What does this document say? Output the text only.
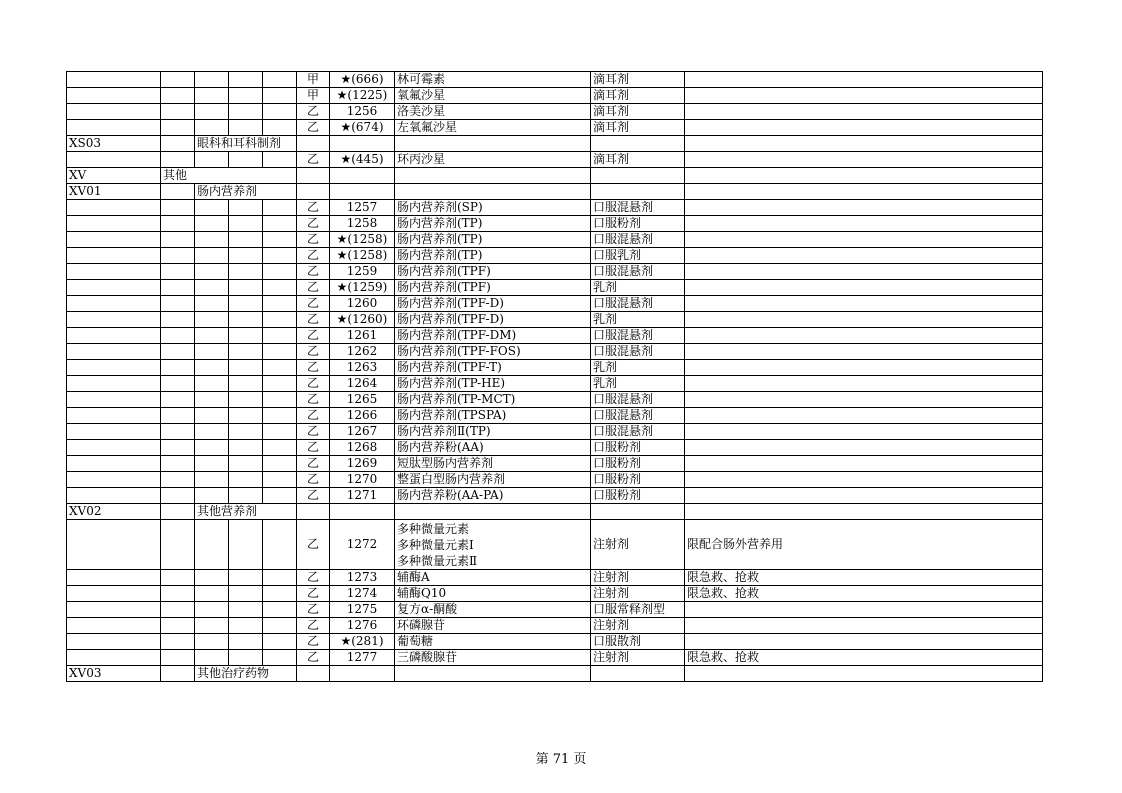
					甲	★(666)	林可霉素	滴耳剂		
					甲	★(1225)	氧氟沙星	滴耳剂		
					乙	1256	洛美沙星	滴耳剂		
					乙	★(674)	左氧氟沙星	滴耳剂		
XS03		眼科和耳科制剂								
					乙	★(445)	环丙沙星	滴耳剂		
XV	其他									
XV01		肠内营养剂								
					乙	1257	肠内营养剂(SP)	口服混悬剂		
					乙	1258	肠内营养剂(TP)	口服粉剂		
					乙	★(1258)	肠内营养剂(TP)	口服混悬剂		
					乙	★(1258)	肠内营养剂(TP)	口服乳剂		
					乙	1259	肠内营养剂(TPF)	口服混悬剂		
					乙	★(1259)	肠内营养剂(TPF)	乳剂		
					乙	1260	肠内营养剂(TPF-D)	口服混悬剂		
					乙	★(1260)	肠内营养剂(TPF-D)	乳剂		
					乙	1261	肠内营养剂(TPF-DM)	口服混悬剂		
					乙	1262	肠内营养剂(TPF-FOS)	口服混悬剂		
					乙	1263	肠内营养剂(TPF-T)	乳剂		
					乙	1264	肠内营养剂(TP-HE)	乳剂		
					乙	1265	肠内营养剂(TP-MCT)	口服混悬剂		
					乙	1266	肠内营养剂(TPSPA)	口服混悬剂		
					乙	1267	肠内营养剂Ⅱ(TP)	口服混悬剂		
					乙	1268	肠内营养粉(AA)	口服粉剂		
					乙	1269	短肽型肠内营养剂	口服粉剂		
					乙	1270	整蛋白型肠内营养剂	口服粉剂		
					乙	1271	肠内营养粉(AA-PA)	口服粉剂		
XV02		其他营养剂								
					乙	1272	多种微量元素
多种微量元素Ⅰ
多种微量元素Ⅱ	注射剂	限配合肠外营养用	
					乙	1273	辅酶A	注射剂	限急救、抢救	
					乙	1274	辅酶Q10	注射剂	限急救、抢救	
					乙	1275	复方α-酮酸	口服常释剂型		
					乙	1276	环磷腺苷	注射剂		
					乙	★(281)	葡萄糖	口服散剂		
					乙	1277	三磷酸腺苷	注射剂	限急救、抢救	
XV03		其他治疗药物								
第 71 页
